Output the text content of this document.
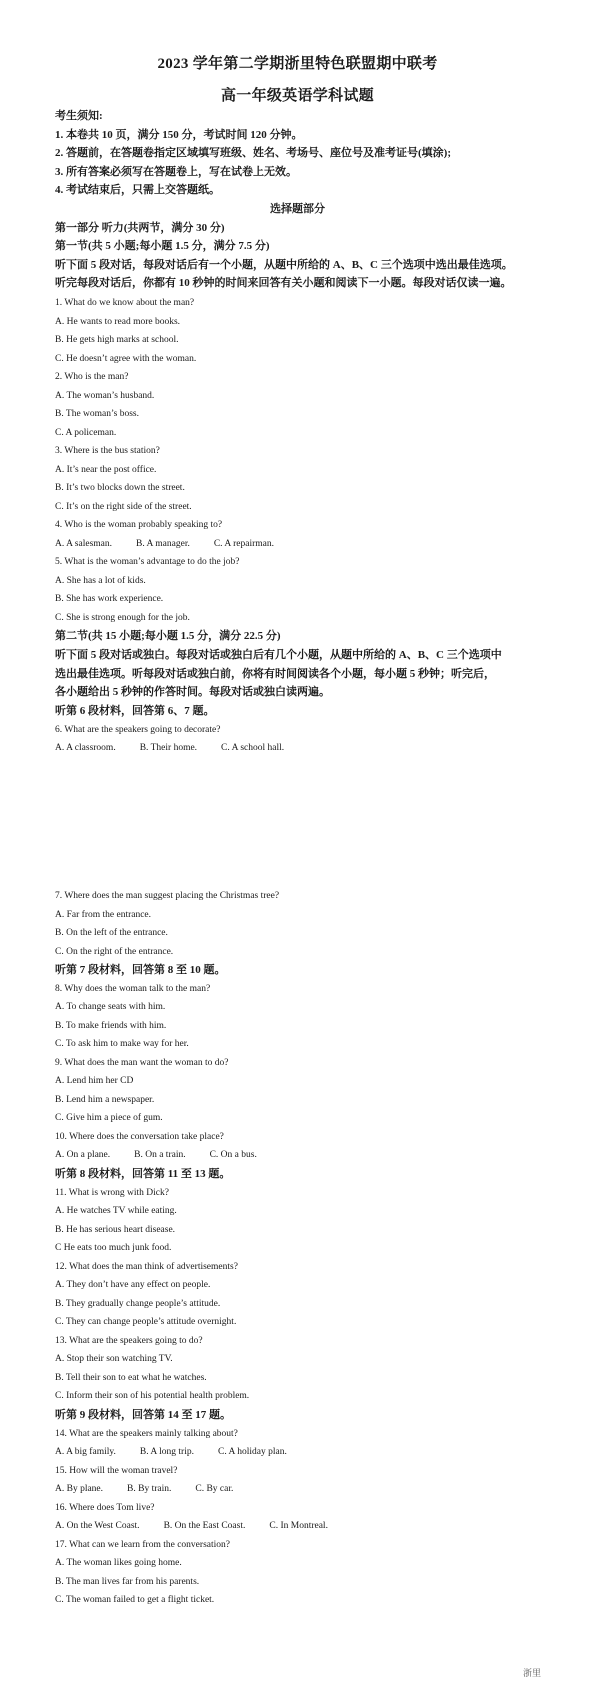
2023 学年第二学期浙里特色联盟期中联考
高一年级英语学科试题
考生须知:
1. 本卷共 10 页，满分 150 分，考试时间 120 分钟。
2. 答题前，在答题卷指定区域填写班级、姓名、考场号、座位号及准考证号(填涂);
3. 所有答案必须写在答题卷上，写在试卷上无效。
4. 考试结束后，只需上交答题纸。
选择题部分
第一部分 听力(共两节，满分 30 分)
第一节(共 5 小题;每小题 1.5 分，满分 7.5 分)
听下面 5 段对话，每段对话后有一个小题，从题中所给的 A、B、C 三个选项中选出最佳选项。
听完每段对话后，你都有 10 秒钟的时间来回答有关小题和阅读下一小题。每段对话仅读一遍。
1. What do we know about the man?
A. He wants to read more books.
B. He gets high marks at school.
C. He doesn’t agree with the woman.
2. Who is the man?
A. The woman’s husband.
B. The woman’s boss.
C. A policeman.
3. Where is the bus station?
A. It’s near the post office.
B. It’s two blocks down the street.
C. It’s on the right side of the street.
4. Who is the woman probably speaking to?
A. A salesman.	B. A manager.	C. A repairman.
5. What is the woman’s advantage to do the job?
A. She has a lot of kids.
B. She has work experience.
C. She is strong enough for the job.
第二节(共 15 小题;每小题 1.5 分，满分 22.5 分)
听下面 5 段对话或独白。每段对话或独白后有几个小题，从题中所给的 A、B、C 三个选项中
选出最佳选项。听每段对话或独白前，你将有时间阅读各个小题，每小题 5 秒钟；听完后，
各小题给出 5 秒钟的作答时间。每段对话或独白读两遍。
听第 6 段材料，回答第 6、7 题。
6. What are the speakers going to decorate?
A. A classroom.	B. Their home.	C. A school hall.
7. Where does the man suggest placing the Christmas tree?
A. Far from the entrance.
B. On the left of the entrance.
C. On the right of the entrance.
听第 7 段材料，回答第 8 至 10 题。
8. Why does the woman talk to the man?
A. To change seats with him.
B. To make friends with him.
C. To ask him to make way for her.
9. What does the man want the woman to do?
A. Lend him her CD
B. Lend him a newspaper.
C. Give him a piece of gum.
10. Where does the conversation take place?
A. On a plane.	B. On a train.	C. On a bus.
听第 8 段材料，回答第 11 至 13 题。
11. What is wrong with Dick?
A. He watches TV while eating.
B. He has serious heart disease.
C He eats too much junk food.
12. What does the man think of advertisements?
A. They don’t have any effect on people.
B. They gradually change people’s attitude.
C. They can change people’s attitude overnight.
13. What are the speakers going to do?
A. Stop their son watching TV.
B. Tell their son to eat what he watches.
C. Inform their son of his potential health problem.
听第 9 段材料，回答第 14 至 17 题。
14. What are the speakers mainly talking about?
A. A big family.	B. A long trip.	C. A holiday plan.
15. How will the woman travel?
A. By plane.	B. By train.	C. By car.
16. Where does Tom live?
A. On the West Coast.	B. On the East Coast.	C. In Montreal.
17. What can we learn from the conversation?
A. The woman likes going home.
B. The man lives far from his parents.
C. The woman failed to get a flight ticket.
浙里
